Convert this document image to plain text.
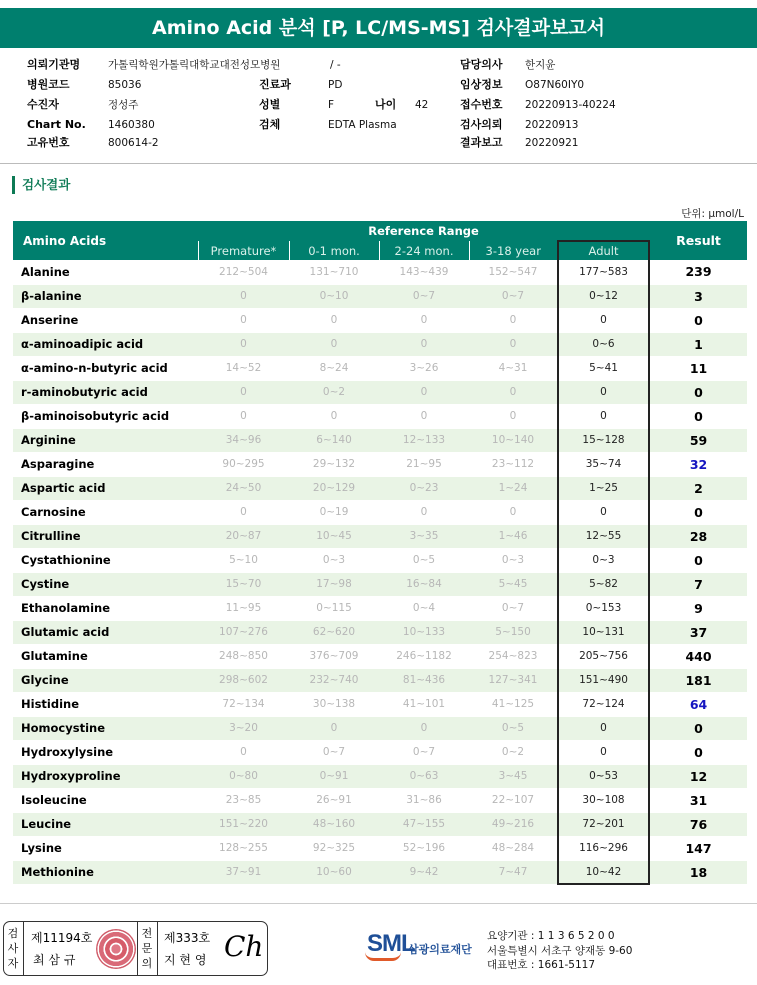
Amino Acid 분석 [P, LC/MS-MS] 검사결과보고서
의뢰기관명	가톨릭학원가톨릭대학교대전성모병원	/ -	담당의사 한지윤
병원코드	85036	진료과	PD	임상정보 O87N60IY0
수진자	정성주	성별	F	나이 42	접수번호 20220913-40224
Chart No. 1460380	검체	EDTA Plasma	검사의뢰 20220913
고유번호	800614-2	결과보고 20220921
검사결과
단위: μmol/L
Amino Acids	Reference Range					Result
	Premature*	0-1 mon.	2-24 mon.	3-18 year	Adult	
Alanine	212~504	131~710	143~439	152~547	177~583	239
β-alanine	0	0~10	0~7	0~7	0~12	3
Anserine	0	0	0	0	0	0
α-aminoadipic acid	0	0	0	0	0~6	1
α-amino-n-butyric acid	14~52	8~24	3~26	4~31	5~41	11
r-aminobutyric acid	0	0~2	0	0	0	0
β-aminoisobutyric acid	0	0	0	0	0	0
Arginine	34~96	6~140	12~133	10~140	15~128	59
Asparagine	90~295	29~132	21~95	23~112	35~74	32
Aspartic acid	24~50	20~129	0~23	1~24	1~25	2
Carnosine	0	0~19	0	0	0	0
Citrulline	20~87	10~45	3~35	1~46	12~55	28
Cystathionine	5~10	0~3	0~5	0~3	0~3	0
Cystine	15~70	17~98	16~84	5~45	5~82	7
Ethanolamine	11~95	0~115	0~4	0~7	0~153	9
Glutamic acid	107~276	62~620	10~133	5~150	10~131	37
Glutamine	248~850	376~709	246~1182	254~823	205~756	440
Glycine	298~602	232~740	81~436	127~341	151~490	181
Histidine	72~134	30~138	41~101	41~125	72~124	64
Homocystine	3~20	0	0	0~5	0	0
Hydroxylysine	0	0~7	0~7	0~2	0	0
Hydroxyproline	0~80	0~91	0~63	3~45	0~53	12
Isoleucine	23~85	26~91	31~86	22~107	30~108	31
Leucine	151~220	48~160	47~155	49~216	72~201	76
Lysine	128~255	92~325	52~196	48~284	116~296	147
Methionine	37~91	10~60	9~42	7~47	10~42	18
검사자
제11194호
최 삼 규
전문의
제333호
지 현 영 Ch	SML
삼광의료재단
요양기관 : 1 1 3 6 5 2 0 0
서울특별시 서초구 양재동 9-60
대표번호 : 1661-5117
